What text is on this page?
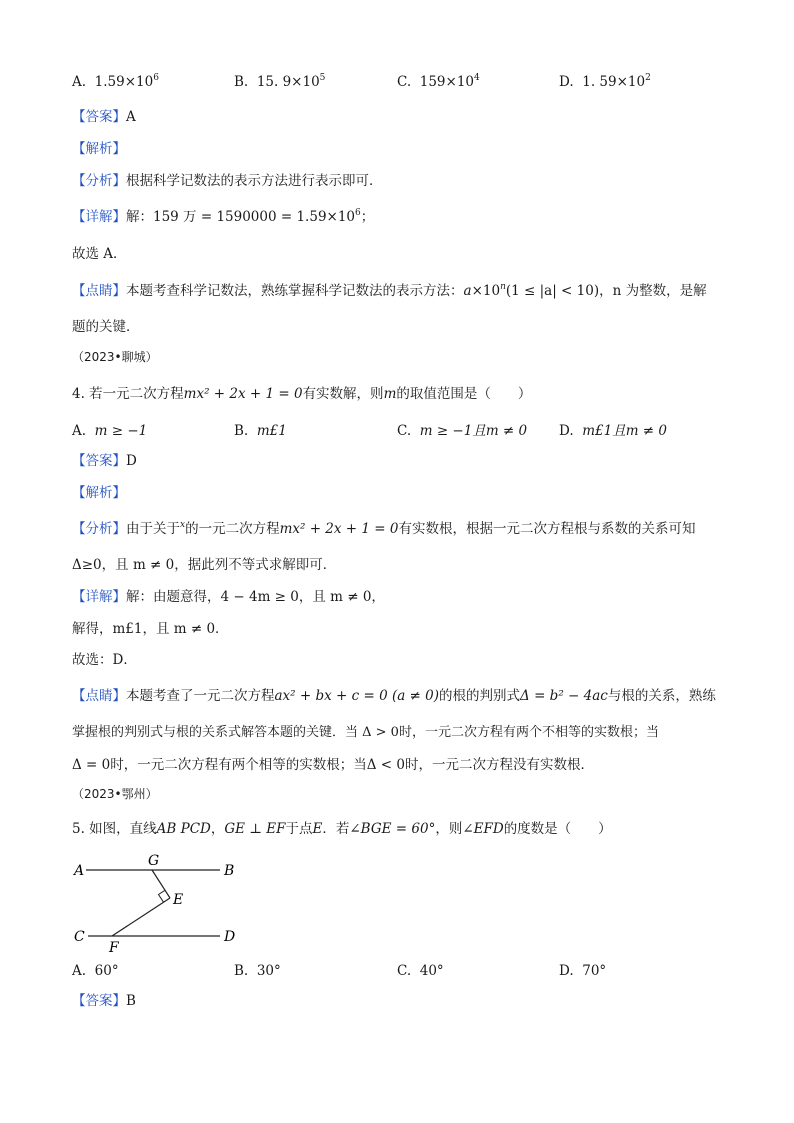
A. $1.59\times 10^6$	B. 15. $9\times 10^5$	C. $159\times 10^4$	D. 1. $59\times 10^2$
【答案】A
【解析】
【分析】根据科学记数法的表示方法进行表示即可．
【详解】解：159 万 = $1590000 = 1.59\times 10^6$；
故选 A．
【点睛】本题考查科学记数法，熟练掌握科学记数法的表示方法：$a\times 10^n(1 \le |a| < 10)$，n 为整数，是解
题的关键．
（2023•聊城）
4. 若一元二次方程mx² + 2x + 1 = 0有实数解，则m的取值范围是（　　）
A. m ≥ −1	B. m£1	C. m ≥ −1且m ≠ 0 D. m£1且m ≠ 0
【答案】D
【解析】
【分析】由于关于$^x$的一元二次方程mx² + 2x + 1 = 0有实数根，根据一元二次方程根与系数的关系可知
Δ≥0，且 m ≠ 0，据此列不等式求解即可．
【详解】解：由题意得，4 − 4m ≥ 0，且 m ≠ 0，
解得，m£1，且 m ≠ 0．
故选：D．
【点睛】本题考查了一元二次方程ax² + bx + c = 0 (a ≠ 0)的根的判别式Δ = b² − 4ac与根的关系，熟练
掌握根的判别式与根的关系式解答本题的关键．当 Δ > 0时，一元二次方程有两个不相等的实数根；当
Δ = 0时，一元二次方程有两个相等的实数根；当Δ < 0时，一元二次方程没有实数根．
（2023•鄂州）
5. 如图，直线AB PCD，GE ⊥ EF于点E．若∠BGE = 60°，则∠EFD的度数是（　　）
A	B
G
E
C	D
F
A. 60°	B. 30°	C. 40°	D. 70°
【答案】B
